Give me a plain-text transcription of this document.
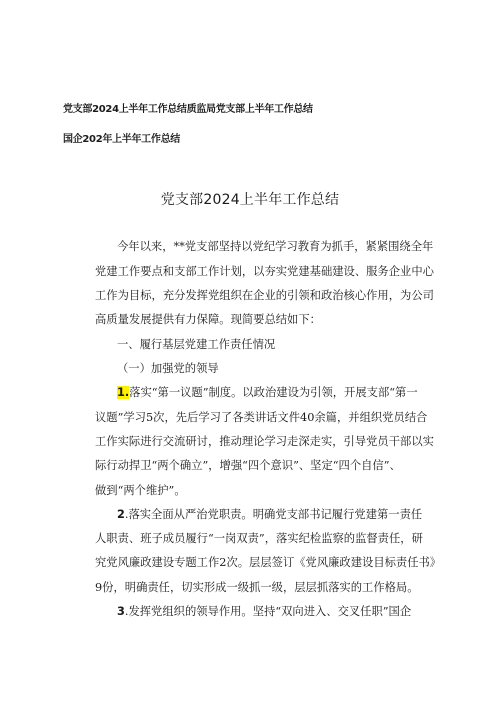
党支部2024上半年工作总结质监局党支部上半年工作总结
国企202年上半年工作总结
党支部2024上半年工作总结
今年以来，**党支部坚持以党纪学习教育为抓手，紧紧围绕全年
党建工作要点和支部工作计划，以夯实党建基础建设、服务企业中心
工作为目标，充分发挥党组织在企业的引领和政治核心作用，为公司
高质量发展提供有力保障。现简要总结如下：
一、履行基层党建工作责任情况
（一）加强党的领导
1.落实“第一议题”制度。以政治建设为引领，开展支部“第一
议题”学习5次，先后学习了各类讲话文件40余篇，并组织党员结合
工作实际进行交流研讨，推动理论学习走深走实，引导党员干部以实
际行动捍卫“两个确立”，增强“四个意识”、坚定“四个自信”、
做到“两个维护”。
2.落实全面从严治党职责。明确党支部书记履行党建第一责任
人职责、班子成员履行“一岗双责”，落实纪检监察的监督责任，研
究党风廉政建设专题工作2次。层层签订《党风廉政建设目标责任书》
9份，明确责任，切实形成一级抓一级，层层抓落实的工作格局。
3.发挥党组织的领导作用。坚持“双向进入、交叉任职”国企
